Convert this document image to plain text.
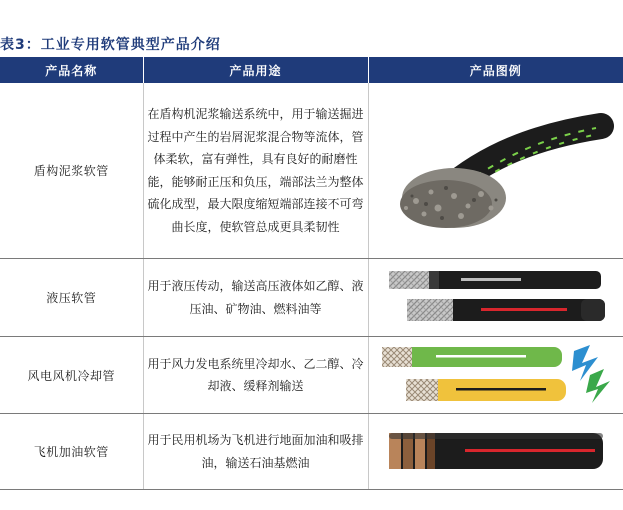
表3：工业专用软管典型产品介绍
产品名称	产品用途	产品图例
盾构泥浆软管	在盾构机泥浆输送系统中，用于输送掘进过程中产生的岩屑泥浆混合物等流体，管体柔软，富有弹性，具有良好的耐磨性能，能够耐正压和负压，端部法兰为整体硫化成型，最大限度缩短端部连接不可弯曲长度，使软管总成更具柔韧性	

液压软管	用于液压传动，输送高压液体如乙醇、液压油、矿物油、燃料油等	

风电风机冷却管	用于风力发电系统里冷却水、乙二醇、冷却液、缓释剂输送	

飞机加油软管	用于民用机场为飞机进行地面加油和吸排油，输送石油基燃油	
